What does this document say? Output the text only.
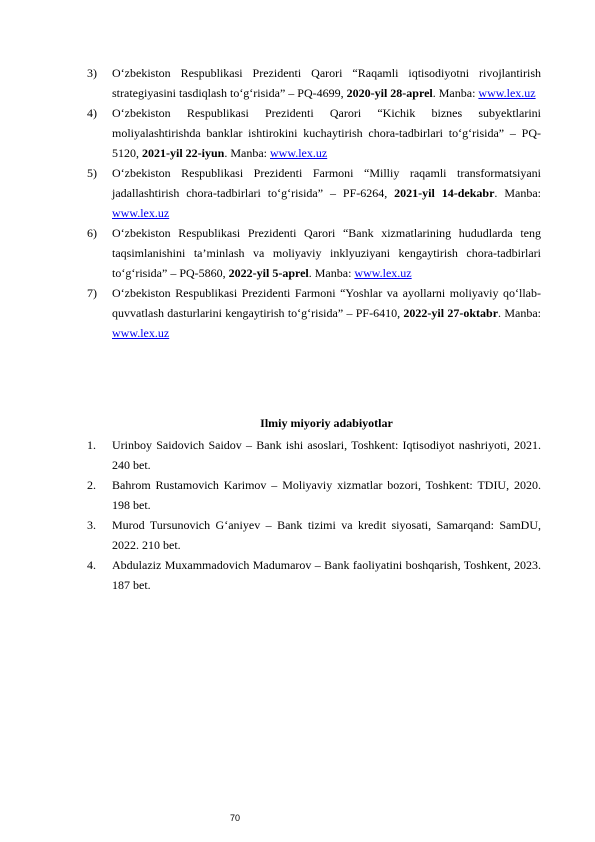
3)	O‘zbekiston Respublikasi Prezidenti Qarori “Raqamli iqtisodiyotni rivojlantirish strategiyasini tasdiqlash to‘g‘risida” – PQ-4699, 2020-yil 28-aprel. Manba: www.lex.uz
4)	O‘zbekiston Respublikasi Prezidenti Qarori “Kichik biznes subyektlarini moliyalashtirishda banklar ishtirokini kuchaytirish chora-tadbirlari to‘g‘risida” – PQ-5120, 2021-yil 22-iyun. Manba: www.lex.uz
5)	O‘zbekiston Respublikasi Prezidenti Farmoni “Milliy raqamli transformatsiyani jadallashtirish chora-tadbirlari to‘g‘risida” – PF-6264, 2021-yil 14-dekabr. Manba: www.lex.uz
6)	O‘zbekiston Respublikasi Prezidenti Qarori “Bank xizmatlarining hududlarda teng taqsimlanishini ta’minlash va moliyaviy inklyuziyani kengaytirish chora-tadbirlari to‘g‘risida” – PQ-5860, 2022-yil 5-aprel. Manba: www.lex.uz
7)	O‘zbekiston Respublikasi Prezidenti Farmoni “Yoshlar va ayollarni moliyaviy qo‘llab-quvvatlash dasturlarini kengaytirish to‘g‘risida” – PF-6410, 2022-yil 27-oktabr. Manba: www.lex.uz
Ilmiy miyoriy adabiyotlar
1.	Urinboy Saidovich Saidov – Bank ishi asoslari, Toshkent: Iqtisodiyot nashriyoti, 2021. 240 bet.
2.	Bahrom Rustamovich Karimov – Moliyaviy xizmatlar bozori, Toshkent: TDIU, 2020. 198 bet.
3.	Murod Tursunovich G‘aniyev – Bank tizimi va kredit siyosati, Samarqand: SamDU, 2022. 210 bet.
4.	Abdulaziz Muxammadovich Madumarov – Bank faoliyatini boshqarish, Toshkent, 2023. 187 bet.
70
